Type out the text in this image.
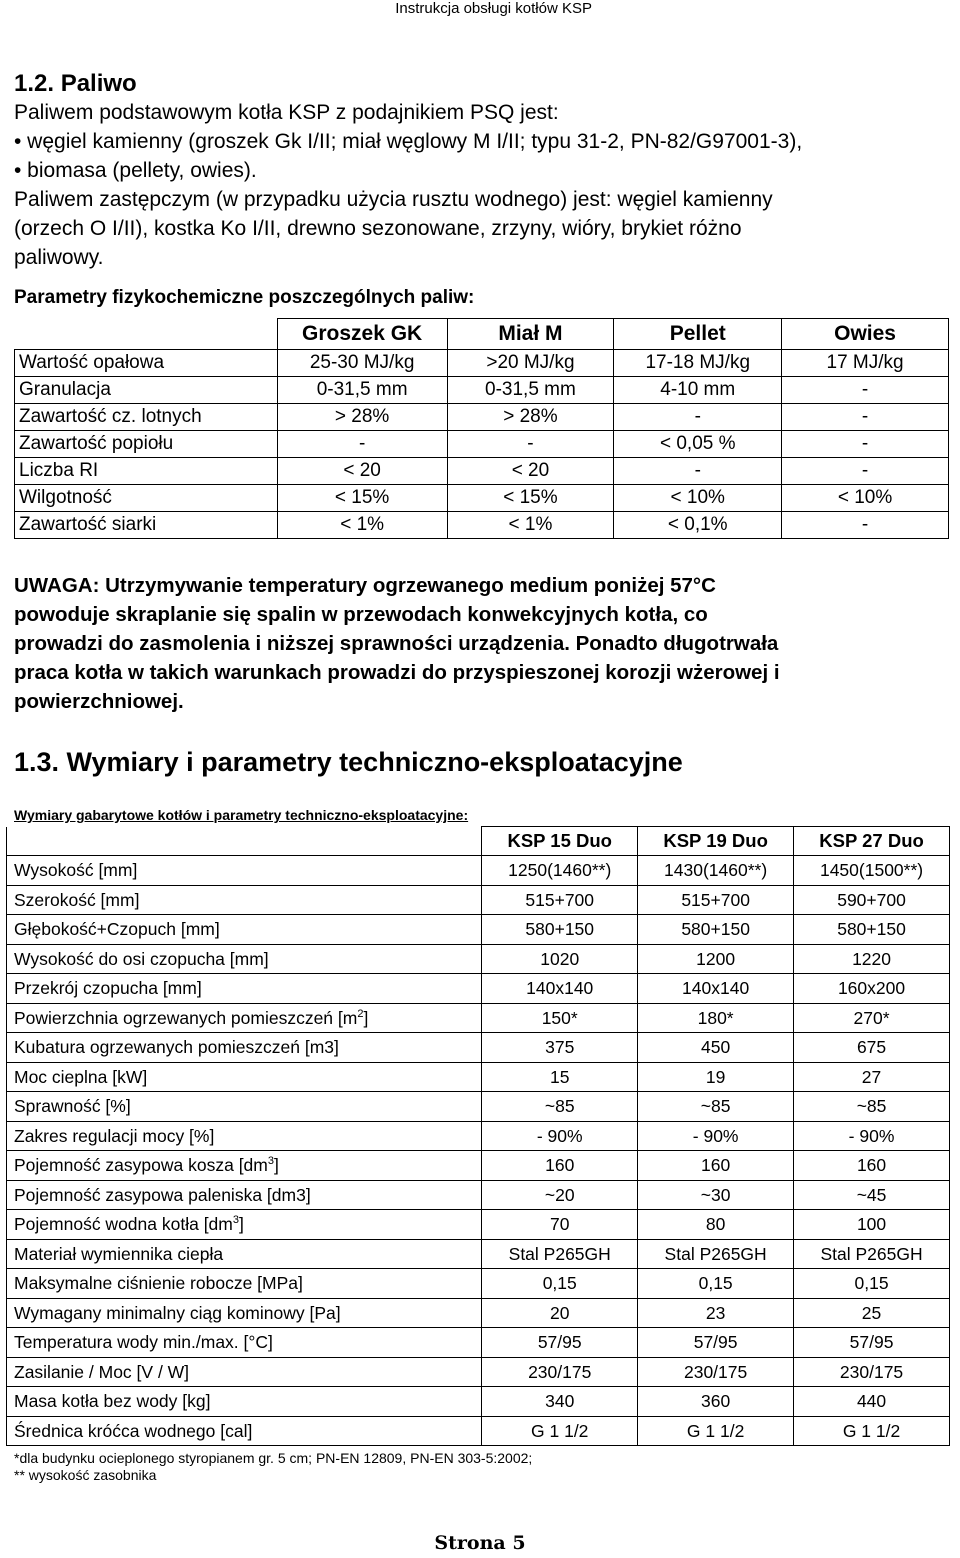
Instrukcja obsługi kotłów KSP
1.2. Paliwo

Paliwem podstawowym kotła KSP z podajnikiem PSQ jest:

• węgiel kamienny (groszek Gk I/II; miał węglowy M I/II; typu 31-2, PN-82/G97001-3),

• biomasa (pellety, owies).

Paliwem zastępczym (w przypadku użycia rusztu wodnego) jest: węgiel kamienny

(orzech O I/II), kostka Ko I/II, drewno sezonowane, zrzyny, wióry, brykiet różno

paliwowy.

Parametry fizykochemiczne poszczególnych paliw:
	Groszek GK	Miał M	Pellet	Owies
Wartość opałowa	25-30 MJ/kg	>20 MJ/kg	17-18 MJ/kg	17 MJ/kg
Granulacja	0-31,5 mm	0-31,5 mm	4-10 mm	-
Zawartość cz. lotnych	> 28%	> 28%	-	-
Zawartość popiołu	-	-	< 0,05 %	-
Liczba RI	< 20	< 20	-	-
Wilgotność	< 15%	< 15%	< 10%	< 10%
Zawartość siarki	< 1%	< 1%	< 0,1%	-
UWAGA: Utrzymywanie temperatury ogrzewanego medium poniżej 57°C
powoduje skraplanie się spalin w przewodach konwekcyjnych kotła, co
prowadzi do zasmolenia i niższej sprawności urządzenia. Ponadto długotrwała
praca kotła w takich warunkach prowadzi do przyspieszonej korozji wżerowej i
powierzchniowej.
1.3. Wymiary i parametry techniczno-eksploatacyjne
Wymiary gabarytowe kotłów i parametry techniczno-eksploatacyjne:
	KSP 15 Duo	KSP 19 Duo	KSP 27 Duo
Wysokość [mm]	1250(1460**)	1430(1460**)	1450(1500**)
Szerokość [mm]	515+700	515+700	590+700
Głębokość+Czopuch [mm]	580+150	580+150	580+150
Wysokość do osi czopucha [mm]	1020	1200	1220
Przekrój czopucha [mm]	140x140	140x140	160x200
Powierzchnia ogrzewanych pomieszczeń $[m^2]$	150*	180*	270*
Kubatura ogrzewanych pomieszczeń [m3]	375	450	675
Moc cieplna [kW]	15	19	27
Sprawność [%]	~85	~85	~85
Zakres regulacji mocy [%]	- 90%	- 90%	- 90%
Pojemność zasypowa kosza $[dm^3]$	160	160	160
Pojemność zasypowa paleniska [dm3]	~20	~30	~45
Pojemność wodna kotła $[dm^3]$	70	80	100
Materiał wymiennika ciepła	Stal P265GH	Stal P265GH	Stal P265GH
Maksymalne ciśnienie robocze [MPa]	0,15	0,15	0,15
Wymagany minimalny ciąg kominowy [Pa]	20	23	25
Temperatura wody min./max. [°C]	57/95	57/95	57/95
Zasilanie / Moc [V / W]	230/175	230/175	230/175
Masa kotła bez wody [kg]	340	360	440
Średnica króćca wodnego [cal]	G 1 1/2	G 1 1/2	G 1 1/2
*dla budynku ocieplonego styropianem gr. 5 cm; PN-EN 12809, PN-EN 303-5:2002;
** wysokość zasobnika
Strona 5
